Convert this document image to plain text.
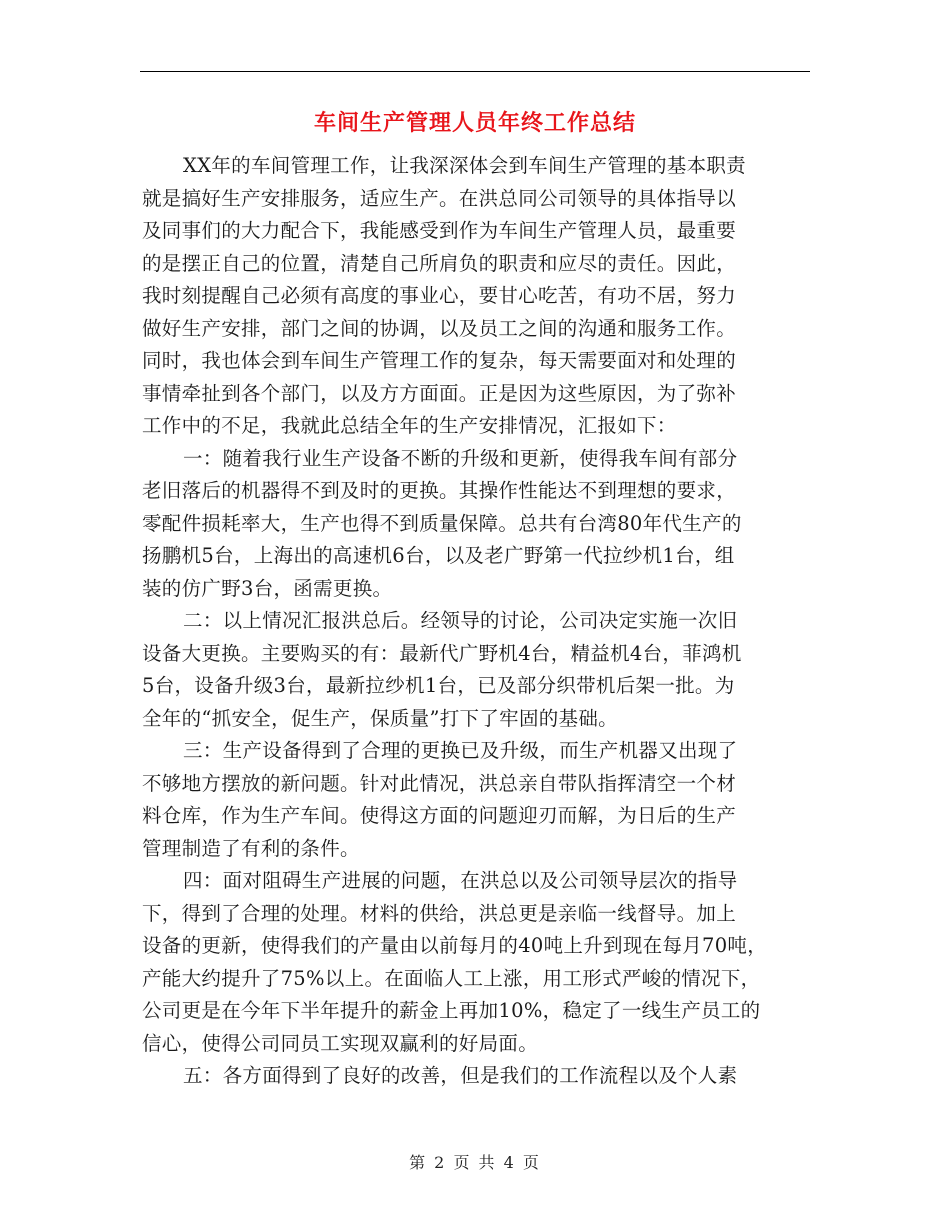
车间生产管理人员年终工作总结
XX年的车间管理工作，让我深深体会到车间生产管理的基本职责
就是搞好生产安排服务，适应生产。在洪总同公司领导的具体指导以
及同事们的大力配合下，我能感受到作为车间生产管理人员，最重要
的是摆正自己的位置，清楚自己所肩负的职责和应尽的责任。因此，
我时刻提醒自己必须有高度的事业心，要甘心吃苦，有功不居，努力
做好生产安排，部门之间的协调，以及员工之间的沟通和服务工作。
同时，我也体会到车间生产管理工作的复杂，每天需要面对和处理的
事情牵扯到各个部门，以及方方面面。正是因为这些原因，为了弥补
工作中的不足，我就此总结全年的生产安排情况，汇报如下：
一：随着我行业生产设备不断的升级和更新，使得我车间有部分
老旧落后的机器得不到及时的更换。其操作性能达不到理想的要求，
零配件损耗率大，生产也得不到质量保障。总共有台湾80年代生产的
扬鹏机5台，上海出的高速机6台，以及老广野第一代拉纱机1台，组
装的仿广野3台，函需更换。
二：以上情况汇报洪总后。经领导的讨论，公司决定实施一次旧
设备大更换。主要购买的有：最新代广野机4台，精益机4台，菲鸿机
5台，设备升级3台，最新拉纱机1台，已及部分织带机后架一批。为
全年的“抓安全，促生产，保质量”打下了牢固的基础。
三：生产设备得到了合理的更换已及升级，而生产机器又出现了
不够地方摆放的新问题。针对此情况，洪总亲自带队指挥清空一个材
料仓库，作为生产车间。使得这方面的问题迎刃而解，为日后的生产
管理制造了有利的条件。
四：面对阻碍生产进展的问题，在洪总以及公司领导层次的指导
下，得到了合理的处理。材料的供给，洪总更是亲临一线督导。加上
设备的更新，使得我们的产量由以前每月的40吨上升到现在每月70吨，
产能大约提升了75%以上。在面临人工上涨，用工形式严峻的情况下，
公司更是在今年下半年提升的薪金上再加10%，稳定了一线生产员工的
信心，使得公司同员工实现双赢利的好局面。
五：各方面得到了良好的改善，但是我们的工作流程以及个人素
第 2 页 共 4 页
